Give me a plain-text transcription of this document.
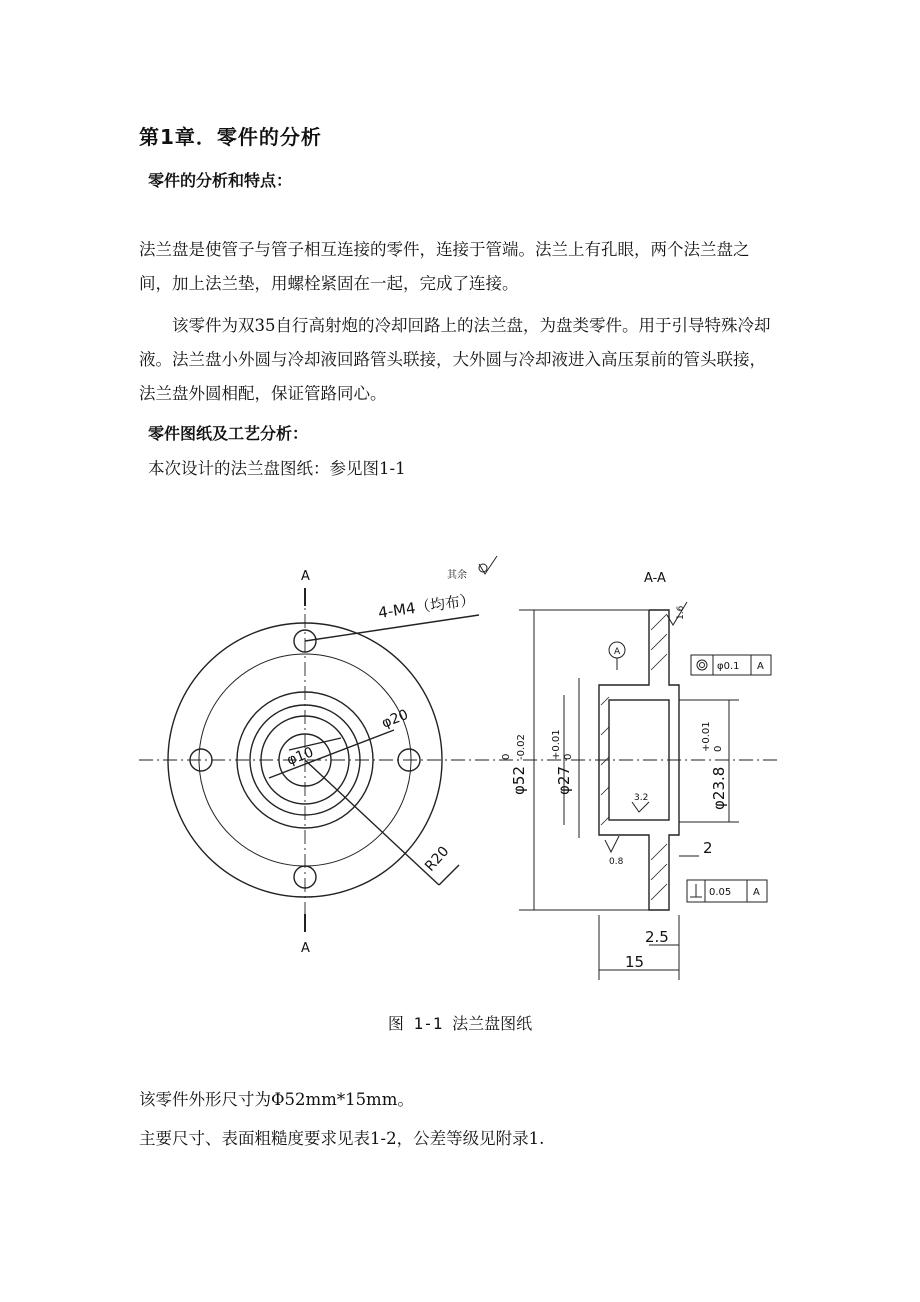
第1章．零件的分析
零件的分析和特点：

法兰盘是使管子与管子相互连接的零件，连接于管端。法兰上有孔眼，两个法兰盘之间，加上法兰垫，用螺栓紧固在一起，完成了连接。

该零件为双35自行高射炮的冷却回路上的法兰盘，为盘类零件。用于引导特殊冷却液。法兰盘小外圆与冷却液回路管头联接，大外圆与冷却液进入高压泵前的管头联接，法兰盘外圆相配，保证管路同心。

零件图纸及工艺分析：
本次设计的法兰盘图纸：参见图1-1
A
A
A-A
其余
4-M4（均布）
φ20
φ10
R20
φ52
0 -0.02
φ27
+0.01 0
φ23.8
+0.01 0
1.6
3.2
0.8
A
φ0.1 A
0.05 A
2
2.5
15
图 1-1 法兰盘图纸
该零件外形尺寸为Φ52mm*15mm。
主要尺寸、表面粗糙度要求见表1-2，公差等级见附录1.
